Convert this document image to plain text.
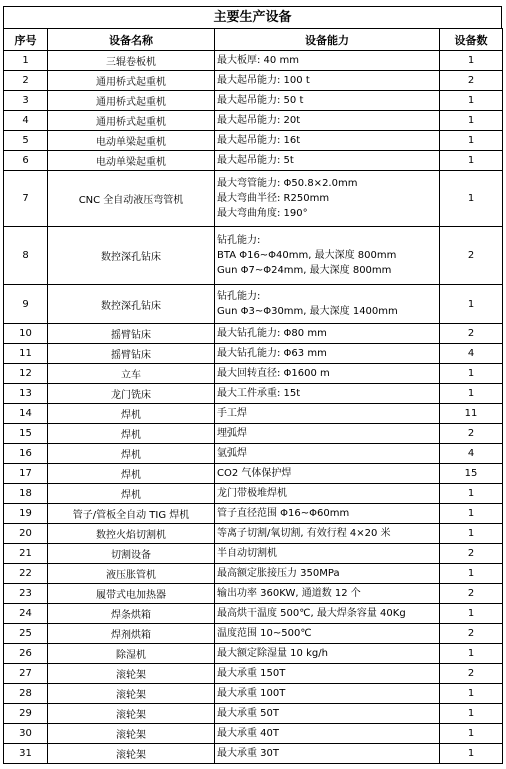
主要生产设备
序号	设备名称	设备能力	设备数
1	三辊卷板机	最大板厚: 40 mm	1
2	通用桥式起重机	最大起吊能力: 100 t	2
3	通用桥式起重机	最大起吊能力: 50 t	1
4	通用桥式起重机	最大起吊能力: 20t	1
5	电动单梁起重机	最大起吊能力: 16t	1
6	电动单梁起重机	最大起吊能力: 5t	1
7	CNC 全自动液压弯管机	最大弯管能力: Φ50.8×2.0mm
最大弯曲半径: R250mm
最大弯曲角度: 190°	1
8	数控深孔钻床	钻孔能力:
BTA Φ16~Φ40mm, 最大深度 800mm
Gun Φ7~Φ24mm, 最大深度 800mm	2
9	数控深孔钻床	钻孔能力:
Gun Φ3~Φ30mm, 最大深度 1400mm	1
10	摇臂钻床	最大钻孔能力: Φ80 mm	2
11	摇臂钻床	最大钻孔能力: Φ63 mm	4
12	立车	最大回转直径: Φ1600 m	1
13	龙门铣床	最大工件承重: 15t	1
14	焊机	手工焊	11
15	焊机	埋弧焊	2
16	焊机	氩弧焊	4
17	焊机	CO2 气体保护焊	15
18	焊机	龙门带极堆焊机	1
19	管子/管板全自动 TIG 焊机	管子直径范围 Φ16~Φ60mm	1
20	数控火焰切割机	等离子切割/氧切割, 有效行程 4×20 米	1
21	切割设备	半自动切割机	2
22	液压胀管机	最高额定胀接压力 350MPa	1
23	履带式电加热器	输出功率 360KW, 通道数 12 个	2
24	焊条烘箱	最高烘干温度 500℃, 最大焊条容量 40Kg	1
25	焊剂烘箱	温度范围 10~500℃	2
26	除湿机	最大额定除湿量 10 kg/h	1
27	滚轮架	最大承重 150T	2
28	滚轮架	最大承重 100T	1
29	滚轮架	最大承重 50T	1
30	滚轮架	最大承重 40T	1
31	滚轮架	最大承重 30T	1
